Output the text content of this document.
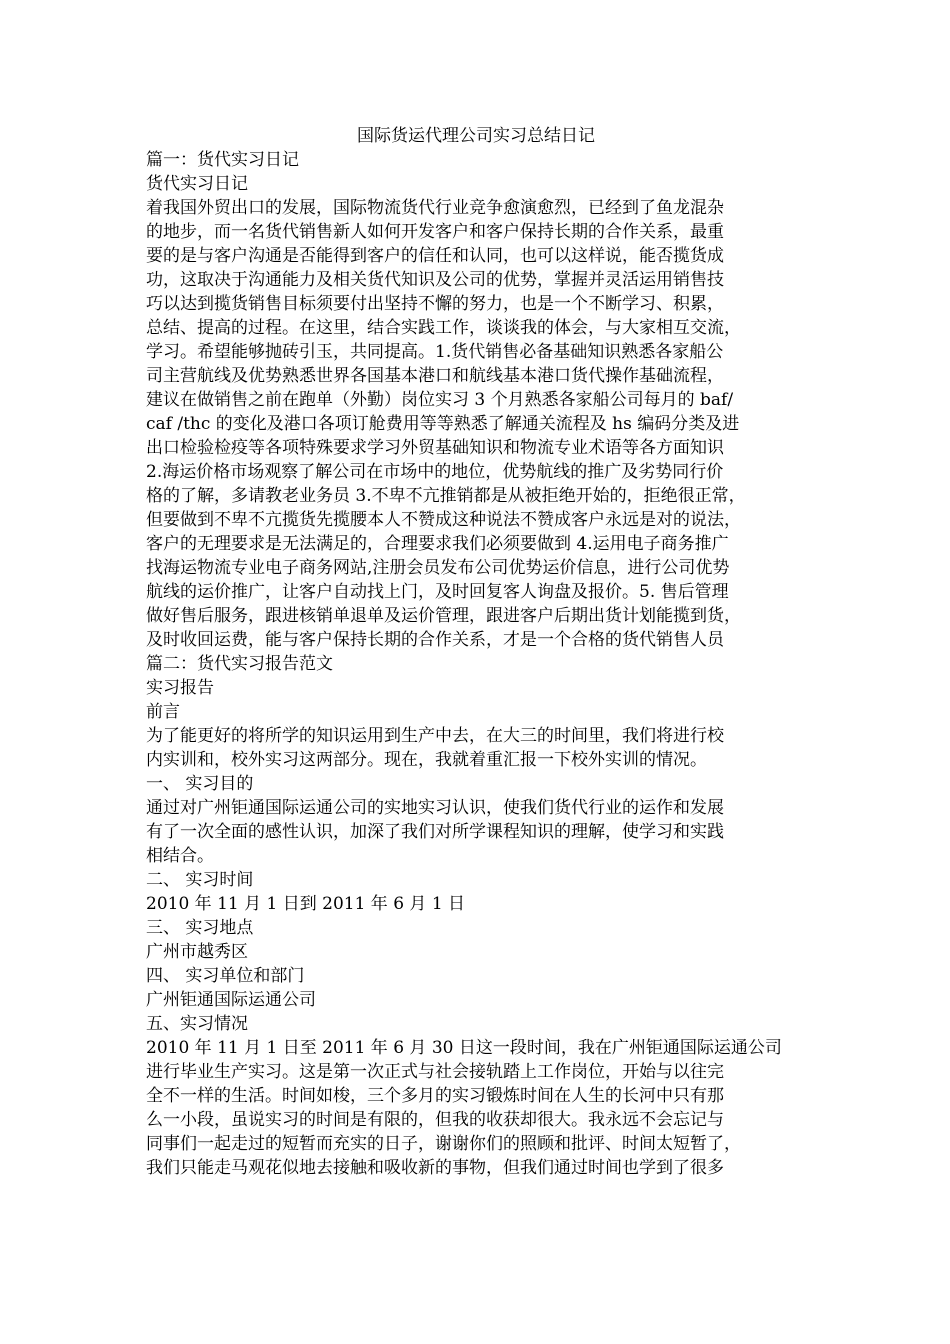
国际货运代理公司实习总结日记
篇一：货代实习日记
货代实习日记
着我国外贸出口的发展，国际物流货代行业竞争愈演愈烈，已经到了鱼龙混杂
的地步，而一名货代销售新人如何开发客户和客户保持长期的合作关系，最重
要的是与客户沟通是否能得到客户的信任和认同，也可以这样说，能否揽货成
功，这取决于沟通能力及相关货代知识及公司的优势，掌握并灵活运用销售技
巧以达到揽货销售目标须要付出坚持不懈的努力，也是一个不断学习、积累，
总结、提高的过程。在这里，结合实践工作，谈谈我的体会，与大家相互交流，
学习。希望能够抛砖引玉，共同提高。1.货代销售必备基础知识熟悉各家船公
司主营航线及优势熟悉世界各国基本港口和航线基本港口货代操作基础流程，
建议在做销售之前在跑单（外勤）岗位实习 3 个月熟悉各家船公司每月的 baf/
caf /thc 的变化及港口各项订舱费用等等熟悉了解通关流程及 hs 编码分类及进
出口检验检疫等各项特殊要求学习外贸基础知识和物流专业术语等各方面知识
2.海运价格市场观察了解公司在市场中的地位，优势航线的推广及劣势同行价
格的了解，多请教老业务员 3.不卑不亢推销都是从被拒绝开始的，拒绝很正常，
但要做到不卑不亢揽货先揽腰本人不赞成这种说法不赞成客户永远是对的说法，
客户的无理要求是无法满足的，合理要求我们必须要做到 4.运用电子商务推广
找海运物流专业电子商务网站,注册会员发布公司优势运价信息，进行公司优势
航线的运价推广，让客户自动找上门，及时回复客人询盘及报价。5. 售后管理
做好售后服务，跟进核销单退单及运价管理，跟进客户后期出货计划能揽到货，
及时收回运费，能与客户保持长期的合作关系，才是一个合格的货代销售人员
篇二：货代实习报告范文
实习报告
前言
为了能更好的将所学的知识运用到生产中去，在大三的时间里，我们将进行校
内实训和，校外实习这两部分。现在，我就着重汇报一下校外实训的情况。
一、 实习目的
通过对广州钜通国际运通公司的实地实习认识，使我们货代行业的运作和发展
有了一次全面的感性认识，加深了我们对所学课程知识的理解，使学习和实践
相结合。
二、 实习时间
2010 年 11 月 1 日到 2011 年 6 月 1 日
三、 实习地点
广州市越秀区
四、 实习单位和部门
广州钜通国际运通公司
五、实习情况
2010 年 11 月 1 日至 2011 年 6 月 30 日这一段时间，我在广州钜通国际运通公司
进行毕业生产实习。这是第一次正式与社会接轨踏上工作岗位，开始与以往完
全不一样的生活。时间如梭，三个多月的实习锻炼时间在人生的长河中只有那
么一小段，虽说实习的时间是有限的，但我的收获却很大。我永远不会忘记与
同事们一起走过的短暂而充实的日子，谢谢你们的照顾和批评、时间太短暂了，
我们只能走马观花似地去接触和吸收新的事物，但我们通过时间也学到了很多
